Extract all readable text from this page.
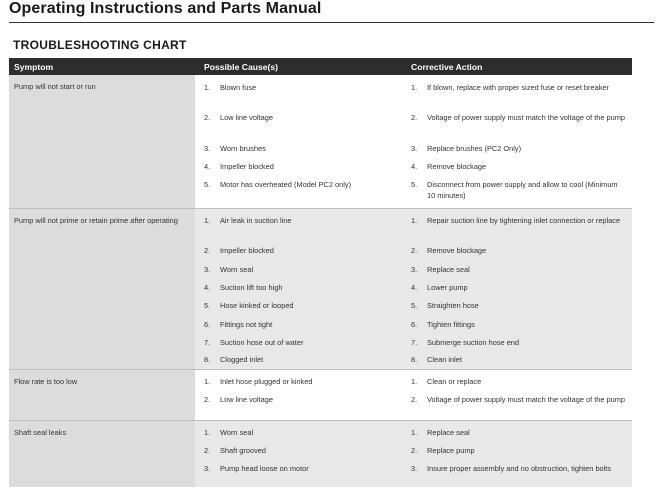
Operating Instructions and Parts Manual
TROUBLESHOOTING CHART
Symptom	Possible Cause(s)	Corrective Action
Pump will not start or run	1. Blown fuse	1. If blown, replace with proper sized fuse or reset breaker
2. Low line voltage	2. Voltage of power supply must match the voltage of the pump
3. Worn brushes	3. Replace brushes (PC2 Only)
4. Impeller blocked	4. Remove blockage
5. Motor has overheated (Model PC2 only)	5. Disconnect from power supply and allow to cool (Minimum 10 minutes)
Pump will not prime or retain prime after operating	1. Air leak in suction line	1. Repair suction line by tightening inlet connection or replace
2. Impeller blocked	2. Remove blockage
3. Worn seal	3. Replace seal
4. Suction lift too high	4. Lower pump
5. Hose kinked or looped	5. Straighten hose
6. Fittings not tight	6. Tighten fittings
7. Suction hose out of water	7. Submerge suction hose end
8. Clogged inlet	8. Clean inlet
Flow rate is too low	1. Inlet hose plugged or kinked	1. Clean or replace
2. Low line voltage	2. Voltage of power supply must match the voltage of the pump
Shaft seal leaks	1. Worn seal	1. Replace seal
2. Shaft grooved	2. Replace pump
3. Pump head loose on motor	3. Insure proper assembly and no obstruction, tighten bolts
